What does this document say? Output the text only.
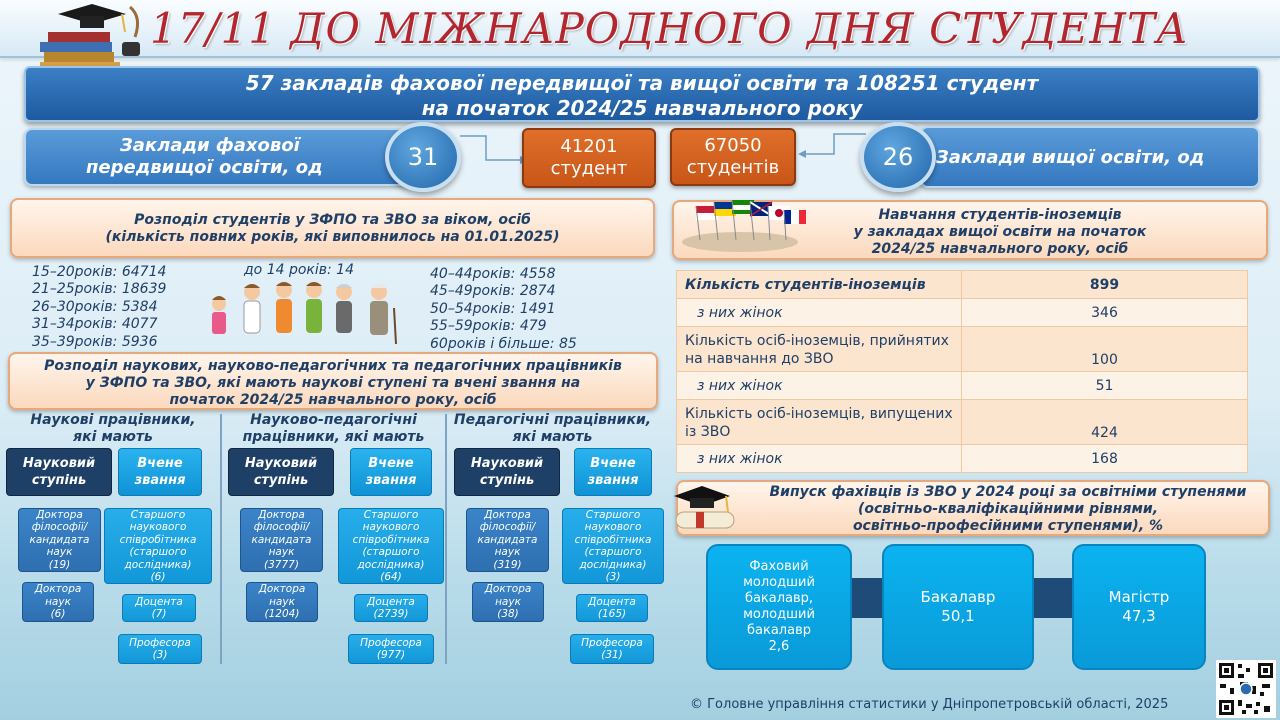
17/11 ДО МІЖНАРОДНОГО ДНЯ СТУДЕНТА
57 закладів фахової передвищої та вищої освіти та 108251 студент
на початок 2024/25 навчального року
Заклади фахової
передвищої освіти, од	31	41201
студент
67050
студентів	Заклади вищої освіти, од
26
Розподіл студентів у ЗФПО та ЗВО за віком, осіб
(кількість повних років, які виповнилось на 01.01.2025)
15–20років: 64714
21–25років: 18639
26–30років: 5384
31–34років: 4077
35–39років: 5936
до 14 років: 14	40–44років: 4558
45–49років: 2874
50–54років: 1491
55–59років: 479
60років і більше: 85
Розподіл наукових, науково-педагогічних та педагогічних працівників
у ЗФПО та ЗВО, які мають наукові ступені та вчені звання на
початок 2024/25 навчального року, осіб
Наукові працівники,
які мають
Науковий ступінь
Вчене звання
Доктора філософії/ кандидата наук
(19)
Доктора наук
(6)
Старшого наукового співробітника (старшого дослідника)
(6)
Доцента
(7)
Професора
(3)
Науково-педагогічні
працівники, які мають
Науковий ступінь
Вчене звання
Доктора філософії/ кандидата наук
(3777)
Доктора наук
(1204)
Старшого наукового співробітника (старшого дослідника)
(64)
Доцента
(2739)
Професора
(977)
Педагогічні працівники,
які мають
Науковий ступінь
Вчене звання
Доктора філософії/ кандидата наук
(319)
Доктора наук
(38)
Старшого наукового співробітника (старшого дослідника)
(3)
Доцента
(165)
Професора
(31)
Навчання студентів-іноземців
у закладах вищої освіти на початок
2024/25 навчального року, осіб
Кількість студентів-іноземців	899
з них жінок	346
Кількість осіб-іноземців, прийнятих на навчання до ЗВО	100
з них жінок	51
Кількість осіб-іноземців, випущених із ЗВО	424
з них жінок	168
Випуск фахівців із ЗВО у 2024 році за освітніми ступенями
(освітньо-кваліфікаційними рівнями,
освітньо-професійними ступенями), %
Фаховий молодший бакалавр, молодший бакалавр
2,6
Бакалавр
50,1
Магістр
47,3
© Головне управління статистики у Дніпропетровській області, 2025
